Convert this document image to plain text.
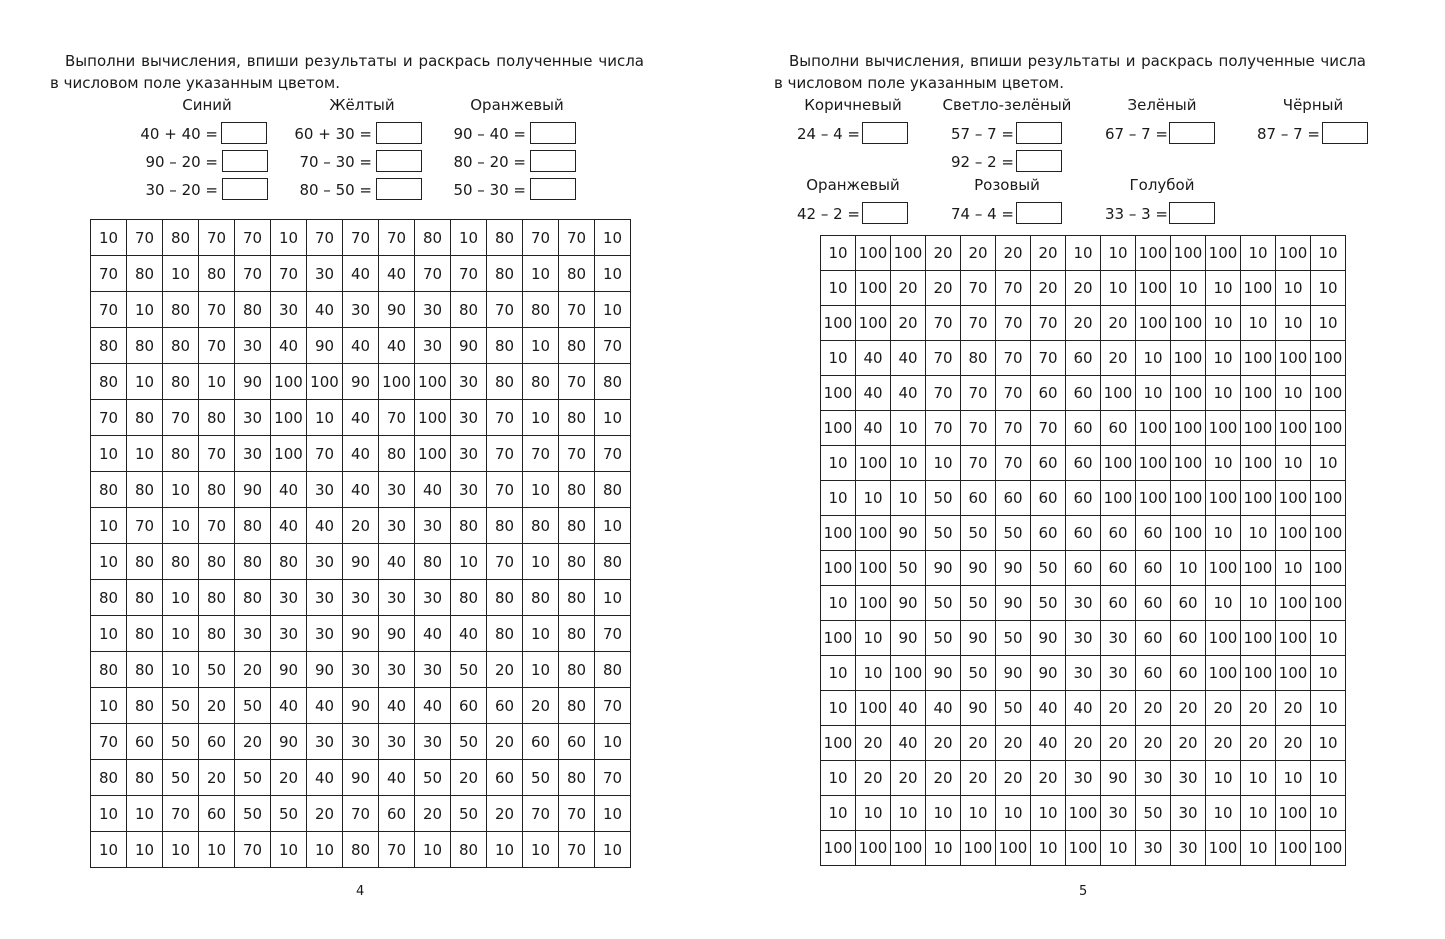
Выполни вычисления, впиши результаты и раскрась полученные числа
в числовом поле указанным цветом.
Синий
40 + 40 =
90 – 20 =
30 – 20 =
Жёлтый
60 + 30 =
70 – 30 =
80 – 50 =
Оранжевый
90 – 40 =
80 – 20 =
50 – 30 =
10	70	80	70	70	10	70	70	70	80	10	80	70	70	10
70	80	10	80	70	70	30	40	40	70	70	80	10	80	10
70	10	80	70	80	30	40	30	90	30	80	70	80	70	10
80	80	80	70	30	40	90	40	40	30	90	80	10	80	70
80	10	80	10	90	100	100	90	100	100	30	80	80	70	80
70	80	70	80	30	100	10	40	70	100	30	70	10	80	10
10	10	80	70	30	100	70	40	80	100	30	70	70	70	70
80	80	10	80	90	40	30	40	30	40	30	70	10	80	80
10	70	10	70	80	40	40	20	30	30	80	80	80	80	10
10	80	80	80	80	80	30	90	40	80	10	70	10	80	80
80	80	10	80	80	30	30	30	30	30	80	80	80	80	10
10	80	10	80	30	30	30	90	90	40	40	80	10	80	70
80	80	10	50	20	90	90	30	30	30	50	20	10	80	80
10	80	50	20	50	40	40	90	40	40	60	60	20	80	70
70	60	50	60	20	90	30	30	30	30	50	20	60	60	10
80	80	50	20	50	20	40	90	40	50	20	60	50	80	70
10	10	70	60	50	50	20	70	60	20	50	20	70	70	10
10	10	10	10	70	10	10	80	70	10	80	10	10	70	10
4
Выполни вычисления, впиши результаты и раскрась полученные числа
в числовом поле указанным цветом.
Коричневый
24 – 4 =
Светло-зелёный
57 – 7 =
92 – 2 =
Зелёный
67 – 7 =
Чёрный
87 – 7 =
Оранжевый
42 – 2 =
Розовый
74 – 4 =
Голубой
33 – 3 =
10	100	100	20	20	20	20	10	10	100	100	100	10	100	10
10	100	20	20	70	70	20	20	10	100	10	10	100	10	10
100	100	20	70	70	70	70	20	20	100	100	10	10	10	10
10	40	40	70	80	70	70	60	20	10	100	10	100	100	100
100	40	40	70	70	70	60	60	100	10	100	10	100	10	100
100	40	10	70	70	70	70	60	60	100	100	100	100	100	100
10	100	10	10	70	70	60	60	100	100	100	10	100	10	10
10	10	10	50	60	60	60	60	100	100	100	100	100	100	100
100	100	90	50	50	50	60	60	60	60	100	10	10	100	100
100	100	50	90	90	90	50	60	60	60	10	100	100	10	100
10	100	90	50	50	90	50	30	60	60	60	10	10	100	100
100	10	90	50	90	50	90	30	30	60	60	100	100	100	10
10	10	100	90	50	90	90	30	30	60	60	100	100	100	10
10	100	40	40	90	50	40	40	20	20	20	20	20	20	10
100	20	40	20	20	20	40	20	20	20	20	20	20	20	10
10	20	20	20	20	20	20	30	90	30	30	10	10	10	10
10	10	10	10	10	10	10	100	30	50	30	10	10	100	10
100	100	100	10	100	100	10	100	10	30	30	100	10	100	100
5
